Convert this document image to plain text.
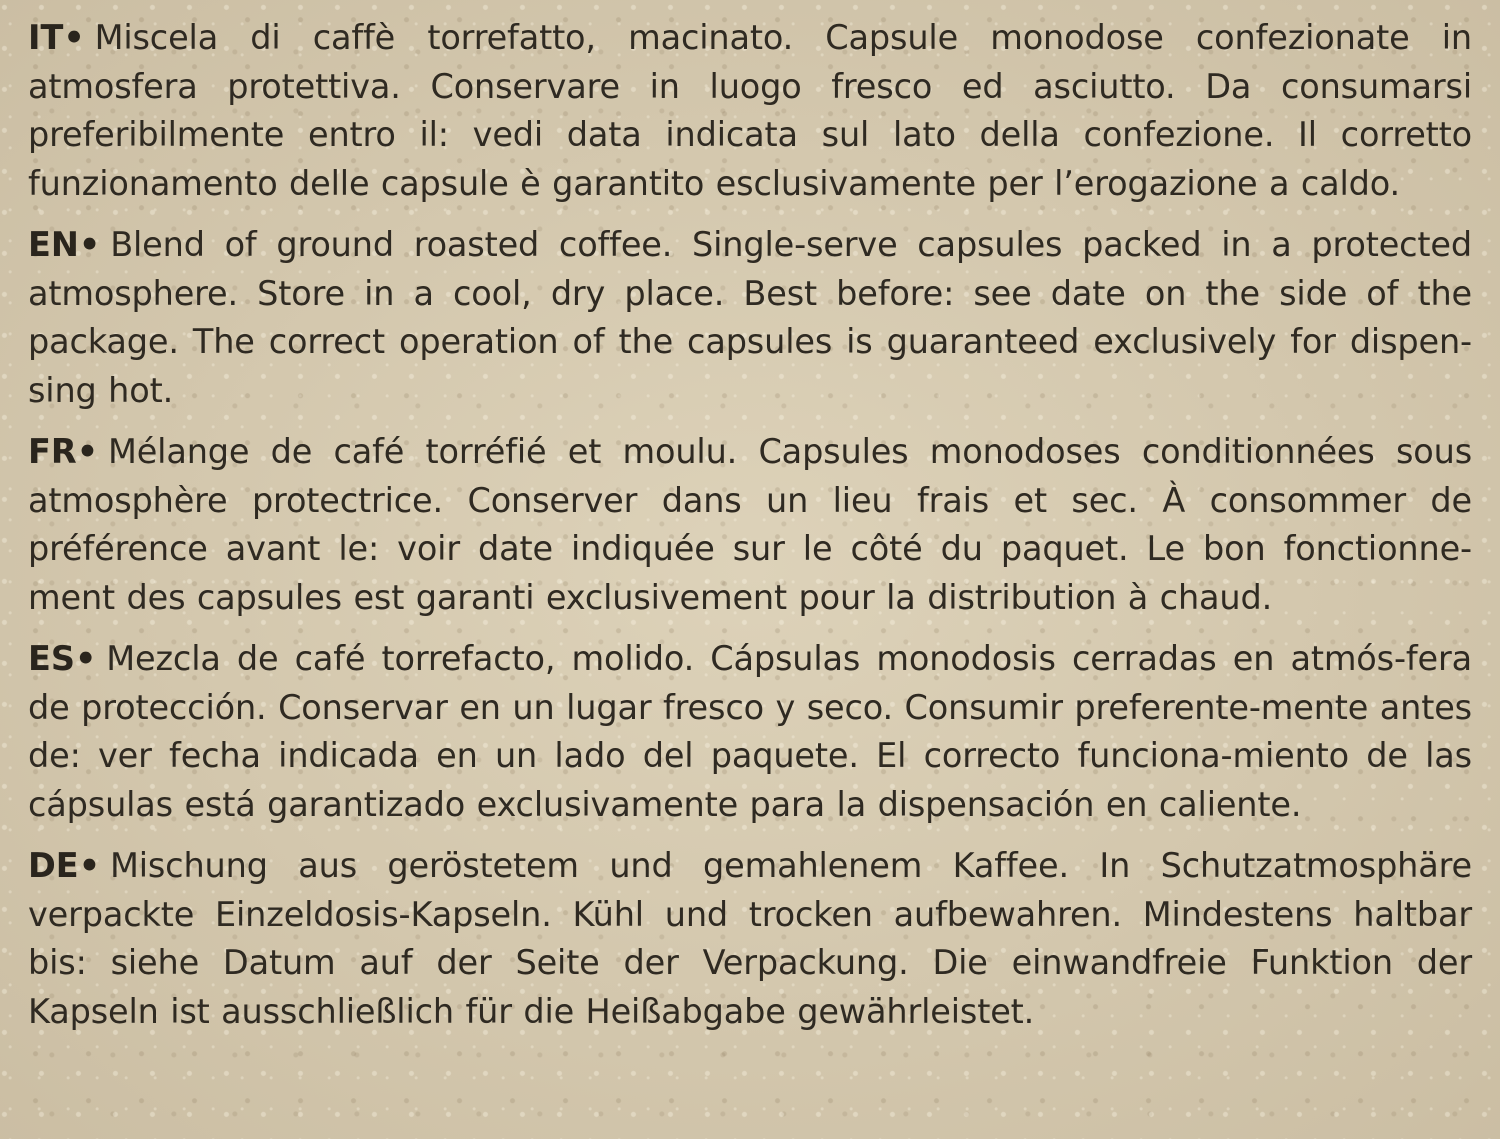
IT• Miscela di caffè torrefatto, macinato. Capsule monodose confezionate in atmosfera protettiva. Conservare in luogo fresco ed asciutto. Da consumarsi preferibilmente entro il: vedi data indicata sul lato della confezione. Il corretto funzionamento delle capsule è garantito esclusivamente per l’erogazione a caldo.

EN• Blend of ground roasted coffee. Single-serve capsules packed in a protected atmosphere. Store in a cool, dry place. Best before: see date on the side of the package. The correct operation of the capsules is guaranteed exclusively for dispen-sing hot.

FR• Mélange de café torréfié et moulu. Capsules monodoses conditionnées sous atmosphère protectrice. Conserver dans un lieu frais et sec. À consommer de préférence avant le: voir date indiquée sur le côté du paquet. Le bon fonctionne-ment des capsules est garanti exclusivement pour la distribution à chaud.

ES• Mezcla de café torrefacto, molido. Cápsulas monodosis cerradas en atmós-fera de protección. Conservar en un lugar fresco y seco. Consumir preferente-mente antes de: ver fecha indicada en un lado del paquete. El correcto funciona-miento de las cápsulas está garantizado exclusivamente para la dispensación en caliente.

DE• Mischung aus geröstetem und gemahlenem Kaffee. In Schutzatmosphäre verpackte Einzeldosis-Kapseln. Kühl und trocken aufbewahren. Mindestens haltbar bis: siehe Datum auf der Seite der Verpackung. Die einwandfreie Funktion der Kapseln ist ausschließlich für die Heißabgabe gewährleistet.
